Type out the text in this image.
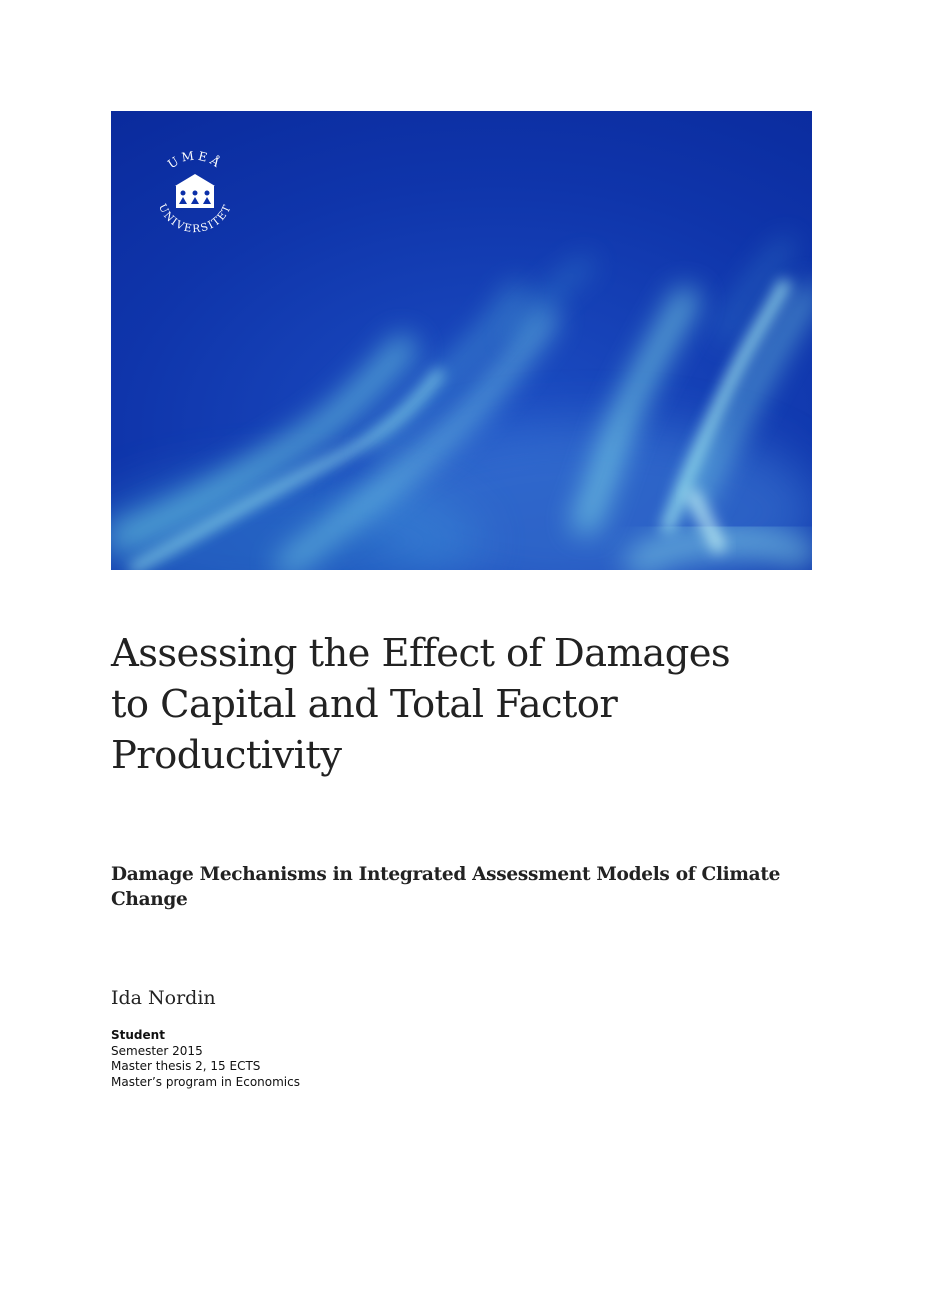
UMEÅ
UNIVERSITET
Assessing the Effect of Damages
to Capital and Total Factor
Productivity
Damage Mechanisms in Integrated Assessment Models of Climate
Change

Ida Nordin

Student
Semester 2015
Master thesis 2, 15 ECTS
Master’s program in Economics
